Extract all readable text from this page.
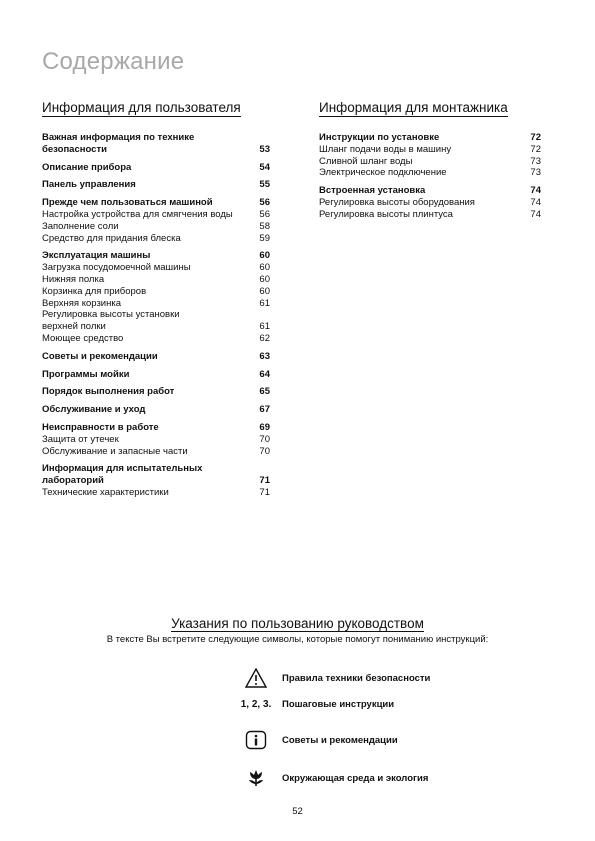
Содержание
Информация для пользователя	Информация для монтажника
Важная информация по технике
безопасности	53
Описание прибора	54
Панель управления	55
Прежде чем пользоваться машиной	56
Настройка устройства для смягчения воды	56
Заполнение соли	58
Средство для придания блеска	59
Эксплуатация машины	60
Загрузка посудомоечной машины	60
Нижняя полка	60
Корзинка для приборов	60
Верхняя корзинка	61
Регулировка высоты установки
верхней полки	61
Моющее средство	62
Советы и рекомендации	63
Программы мойки	64
Порядок выполнения работ	65
Обслуживание и уход	67
Неисправности в работе	69
Защита от утечек	70
Обслуживание и запасные части	70
Информация для испытательных
лабораторий	71
Технические характеристики	71
Инструкции по установке	72
Шланг подачи воды в машину	72
Сливной шланг воды	73
Электрическое подключение	73
Встроенная установка	74
Регулировка высоты оборудования	74
Регулировка высоты плинтуса	74
Указания по пользованию руководством
В тексте Вы встретите следующие символы, которые помогут пониманию инструкций:
Правила техники безопасности
1, 2, 3.	Пошаговые инструкции
Советы и рекомендации
Окружающая среда и экология
52
